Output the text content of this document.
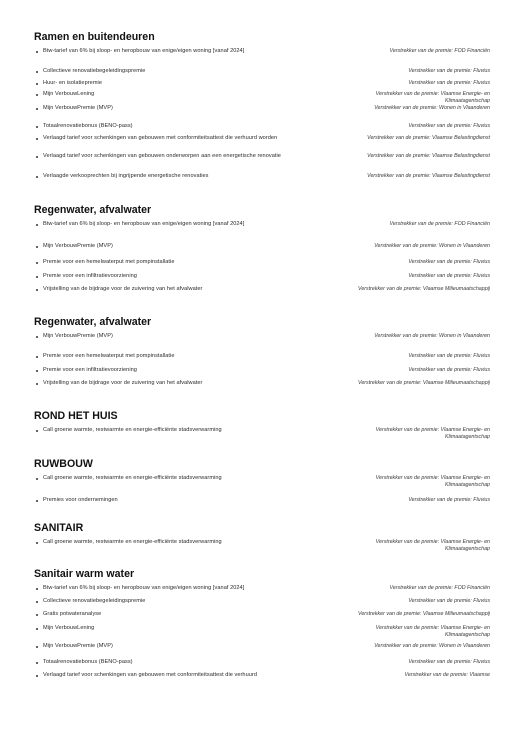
Ramen en buitendeuren
Btw-tarief van 6% bij sloop- en heropbouw van enige/eigen woning [vanaf 2024]	Verstrekker van de premie: FOD Financiën
Collectieve renovatiebegeleidingspremie	Verstrekker van de premie: Fluvius
Huur- en isolatiepremie	Verstrekker van de premie: Fluvius
Mijn VerbouwLening	Verstrekker van de premie: Vlaamse Energie- en Klimaatagentschap
Mijn VerbouwPremie (MVP)	Verstrekker van de premie: Wonen in Vlaanderen
Totaalrenovatiebonus (BENO-pass)	Verstrekker van de premie: Fluvius
Verlaagd tarief voor schenkingen van gebouwen met conformiteitsattest die verhuurd worden	Verstrekker van de premie: Vlaamse Belastingdienst
Verlaagd tarief voor schenkingen van gebouwen onderworpen aan een energetische renovatie	Verstrekker van de premie: Vlaamse Belastingdienst
Verlaagde verkooprechten bij ingrijpende energetische renovaties	Verstrekker van de premie: Vlaamse Belastingdienst
Regenwater, afvalwater
Btw-tarief van 6% bij sloop- en heropbouw van enige/eigen woning [vanaf 2024]	Verstrekker van de premie: FOD Financiën
Mijn VerbouwPremie (MVP)	Verstrekker van de premie: Wonen in Vlaanderen
Premie voor een hemelwaterput met pompinstallatie	Verstrekker van de premie: Fluvius
Premie voor een infiltratievoorziening	Verstrekker van de premie: Fluvius
Vrijstelling van de bijdrage voor de zuivering van het afvalwater	Verstrekker van de premie: Vlaamse Milieumaatschappij
Regenwater, afvalwater
Mijn VerbouwPremie (MVP)	Verstrekker van de premie: Wonen in Vlaanderen
Premie voor een hemelwaterput met pompinstallatie	Verstrekker van de premie: Fluvius
Premie voor een infiltratievoorziening	Verstrekker van de premie: Fluvius
Vrijstelling van de bijdrage voor de zuivering van het afvalwater	Verstrekker van de premie: Vlaamse Milieumaatschappij
ROND HET HUIS
Call groene warmte, restwarmte en energie-efficiënte stadsverwarming	Verstrekker van de premie: Vlaamse Energie- en Klimaatagentschap
RUWBOUW
Call groene warmte, restwarmte en energie-efficiënte stadsverwarming	Verstrekker van de premie: Vlaamse Energie- en Klimaatagentschap
Premies voor ondernemingen	Verstrekker van de premie: Fluvius
SANITAIR
Call groene warmte, restwarmte en energie-efficiënte stadsverwarming	Verstrekker van de premie: Vlaamse Energie- en Klimaatagentschap
Sanitair warm water
Btw-tarief van 6% bij sloop- en heropbouw van enige/eigen woning [vanaf 2024]	Verstrekker van de premie: FOD Financiën
Collectieve renovatiebegeleidingspremie	Verstrekker van de premie: Fluvius
Gratis potwateranalyse	Verstrekker van de premie: Vlaamse Milieumaatschappij
Mijn VerbouwLening	Verstrekker van de premie: Vlaamse Energie- en Klimaatagentschap
Mijn VerbouwPremie (MVP)	Verstrekker van de premie: Wonen in Vlaanderen
Totaalrenovatiebonus (BENO-pass)	Verstrekker van de premie: Fluvius
Verlaagd tarief voor schenkingen van gebouwen met conformiteitsattest die verhuurd	Verstrekker van de premie: Vlaamse
